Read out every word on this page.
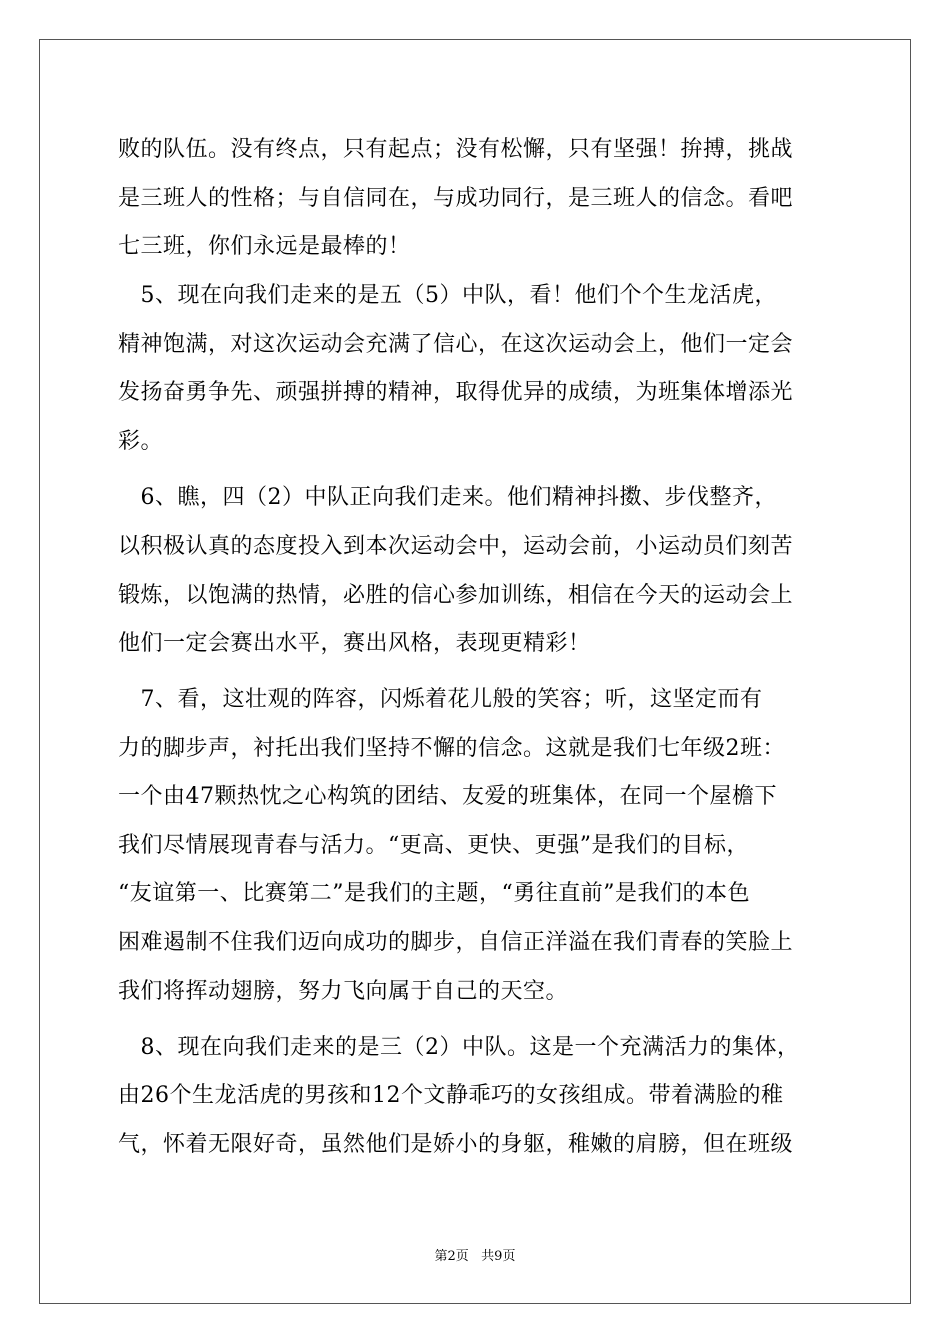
败的队伍。没有终点，只有起点；没有松懈，只有坚强！拚搏，挑战
是三班人的性格；与自信同在，与成功同行，是三班人的信念。看吧
七三班，你们永远是最棒的！
　5、现在向我们走来的是五（5）中队，看！他们个个生龙活虎，
精神饱满，对这次运动会充满了信心，在这次运动会上，他们一定会
发扬奋勇争先、顽强拼搏的精神，取得优异的成绩，为班集体增添光
彩。
　6、瞧，四（2）中队正向我们走来。他们精神抖擞、步伐整齐，
以积极认真的态度投入到本次运动会中，运动会前，小运动员们刻苦
锻炼，以饱满的热情，必胜的信心参加训练，相信在今天的运动会上
他们一定会赛出水平，赛出风格，表现更精彩！
　7、看，这壮观的阵容，闪烁着花儿般的笑容；听，这坚定而有
力的脚步声，衬托出我们坚持不懈的信念。这就是我们七年级2班：
一个由47颗热忱之心构筑的团结、友爱的班集体，在同一个屋檐下
我们尽情展现青春与活力。“更高、更快、更强”是我们的目标，
“友谊第一、比赛第二”是我们的主题，“勇往直前”是我们的本色
困难遏制不住我们迈向成功的脚步，自信正洋溢在我们青春的笑脸上
我们将挥动翅膀，努力飞向属于自己的天空。
　8、现在向我们走来的是三（2）中队。这是一个充满活力的集体，
由26个生龙活虎的男孩和12个文静乖巧的女孩组成。带着满脸的稚
气，怀着无限好奇，虽然他们是娇小的身躯，稚嫩的肩膀，但在班级
第2页   共9页
